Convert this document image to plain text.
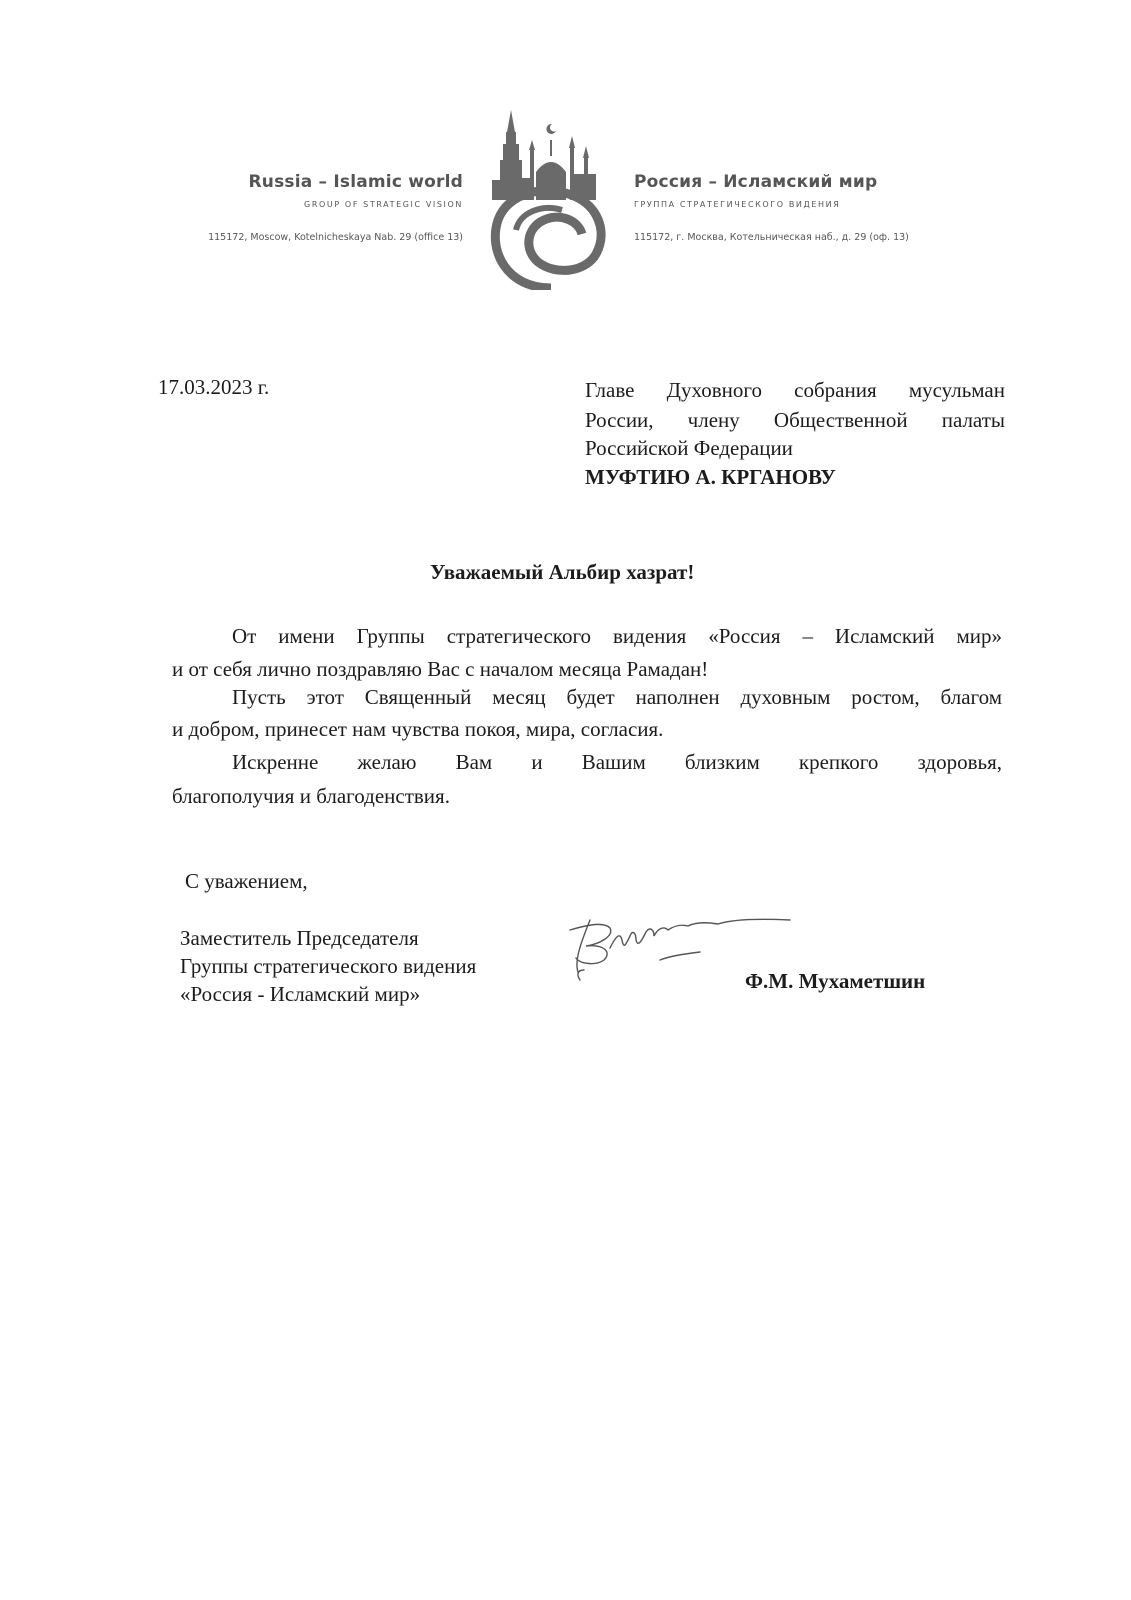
Russia – Islamic world
GROUP OF STRATEGIC VISION
115172, Moscow, Kotelnicheskaya Nab. 29 (office 13)
Россия – Исламский мир
ГРУППА СТРАТЕГИЧЕСКОГО ВИДЕНИЯ
115172, г. Москва, Котельническая наб., д. 29 (оф. 13)
17.03.2023 г.	Главе Духовного собрания мусульман
России, члену Общественной палаты
Российской Федерации
МУФТИЮ А. КРГАНОВУ
Уважаемый Альбир хазрат!
От имени Группы стратегического видения «Россия – Исламский мир»
и от себя лично поздравляю Вас с началом месяца Рамадан!
Пусть этот Священный месяц будет наполнен духовным ростом, благом
и добром, принесет нам чувства покоя, мира, согласия.
Искренне желаю Вам и Вашим близким крепкого здоровья,
благополучия и благоденствия.
С уважением,
Заместитель Председателя
Группы стратегического видения
«Россия - Исламский мир»
Ф.М. Мухаметшин
